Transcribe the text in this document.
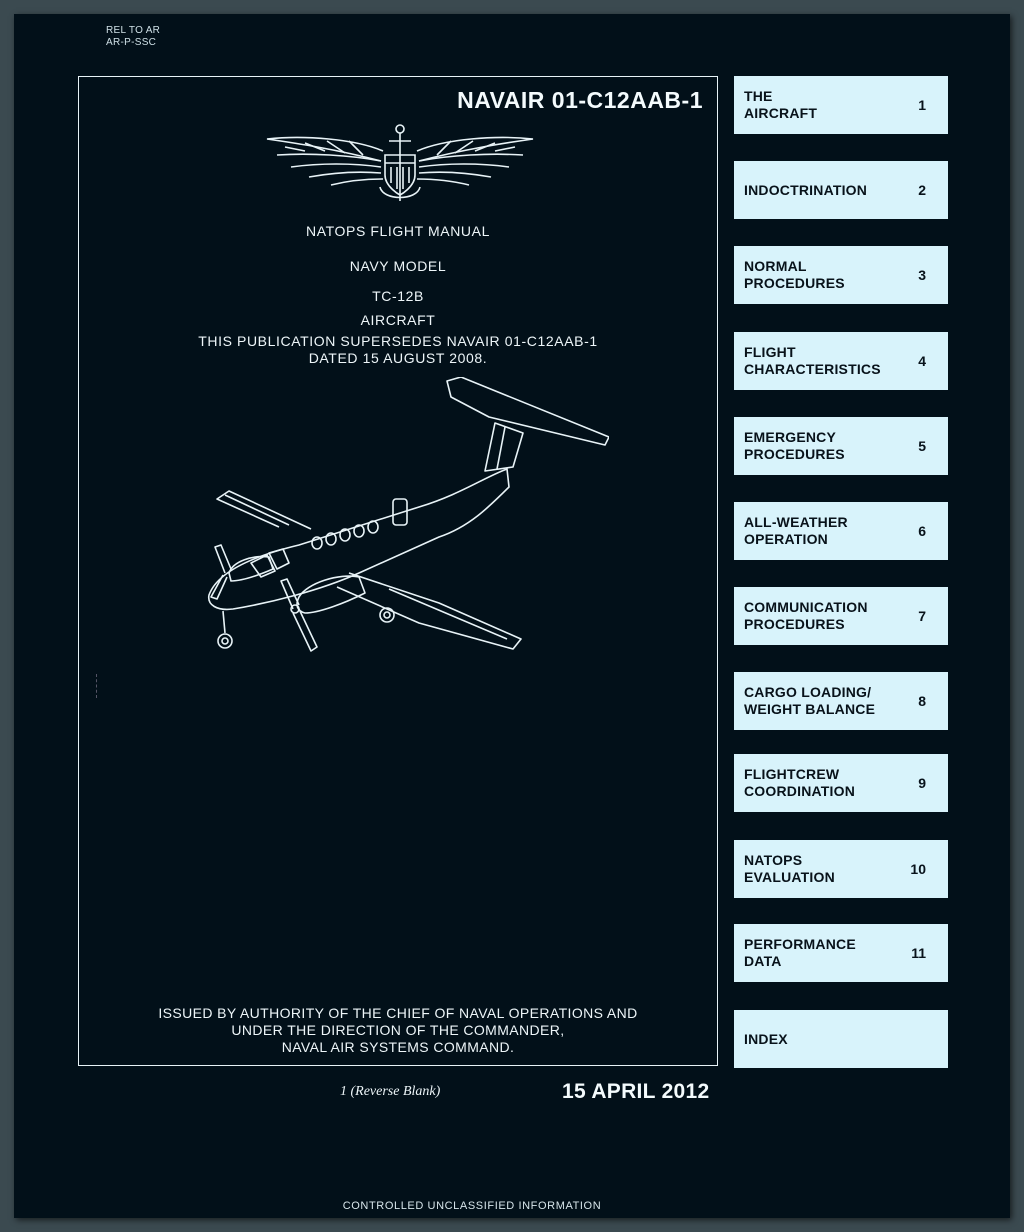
REL TO AR
AR-P-SSC
NAVAIR 01-C12AAB-1
NATOPS FLIGHT MANUAL
NAVY MODEL
TC-12B
AIRCRAFT
THIS PUBLICATION SUPERSEDES NAVAIR 01-C12AAB-1
DATED 15 AUGUST 2008.
ISSUED BY AUTHORITY OF THE CHIEF OF NAVAL OPERATIONS AND
UNDER THE DIRECTION OF THE COMMANDER,
NAVAL AIR SYSTEMS COMMAND.
THE
AIRCRAFT	1
INDOCTRINATION	2
NORMAL
PROCEDURES	3
FLIGHT
CHARACTERISTICS	4
EMERGENCY
PROCEDURES	5
ALL-WEATHER
OPERATION	6
COMMUNICATION
PROCEDURES	7
CARGO LOADING/
WEIGHT BALANCE	8
FLIGHTCREW
COORDINATION	9
NATOPS
EVALUATION	10
PERFORMANCE
DATA	11
INDEX
1 (Reverse Blank)	15 APRIL 2012
CONTROLLED UNCLASSIFIED INFORMATION
